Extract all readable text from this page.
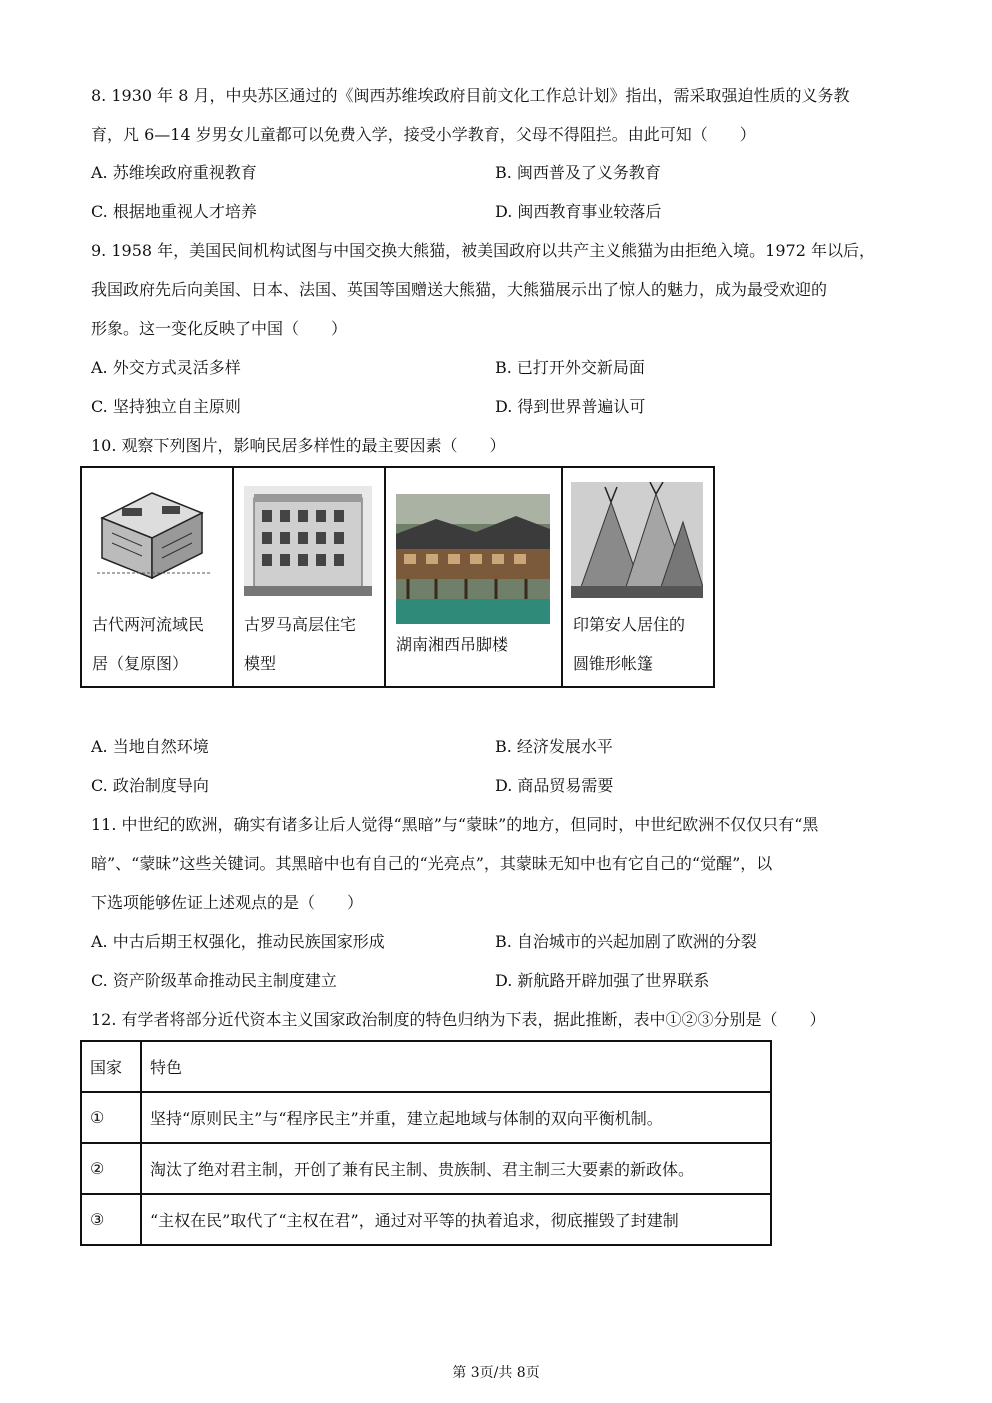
8. 1930 年 8 月，中央苏区通过的《闽西苏维埃政府目前文化工作总计划》指出，需采取强迫性质的义务教
育，凡 6—14 岁男女儿童都可以免费入学，接受小学教育，父母不得阻拦。由此可知（　　）

A. 苏维埃政府重视教育	B. 闽西普及了义务教育
C. 根据地重视人才培养	D. 闽西教育事业较落后

9. 1958 年，美国民间机构试图与中国交换大熊猫，被美国政府以共产主义熊猫为由拒绝入境。1972 年以后，
我国政府先后向美国、日本、法国、英国等国赠送大熊猫，大熊猫展示出了惊人的魅力，成为最受欢迎的
形象。这一变化反映了中国（　　）

A. 外交方式灵活多样	B. 已打开外交新局面
C. 坚持独立自主原则	D. 得到世界普遍认可
10. 观察下列图片，影响民居多样性的最主要因素（　　）
古代两河流域民
居（复原图）

古罗马高层住宅
模型

湖南湘西吊脚楼

印第安人居住的
圆锥形帐篷
A. 当地自然环境	B. 经济发展水平
C. 政治制度导向	D. 商品贸易需要

11. 中世纪的欧洲，确实有诸多让后人觉得“黑暗”与“蒙昧”的地方，但同时，中世纪欧洲不仅仅只有“黑
暗”、“蒙昧”这些关键词。其黑暗中也有自己的“光亮点”，其蒙昧无知中也有它自己的“觉醒”，以
下选项能够佐证上述观点的是（　　）

A. 中古后期王权强化，推动民族国家形成	B. 自治城市的兴起加剧了欧洲的分裂
C. 资产阶级革命推动民主制度建立	D. 新航路开辟加强了世界联系
12. 有学者将部分近代资本主义国家政治制度的特色归纳为下表，据此推断，表中①②③分别是（　　）
国家	特色
①	坚持“原则民主”与“程序民主”并重，建立起地域与体制的双向平衡机制。
②	淘汰了绝对君主制，开创了兼有民主制、贵族制、君主制三大要素的新政体。
③	“主权在民”取代了“主权在君”，通过对平等的执着追求，彻底摧毁了封建制
第 3页/共 8页
